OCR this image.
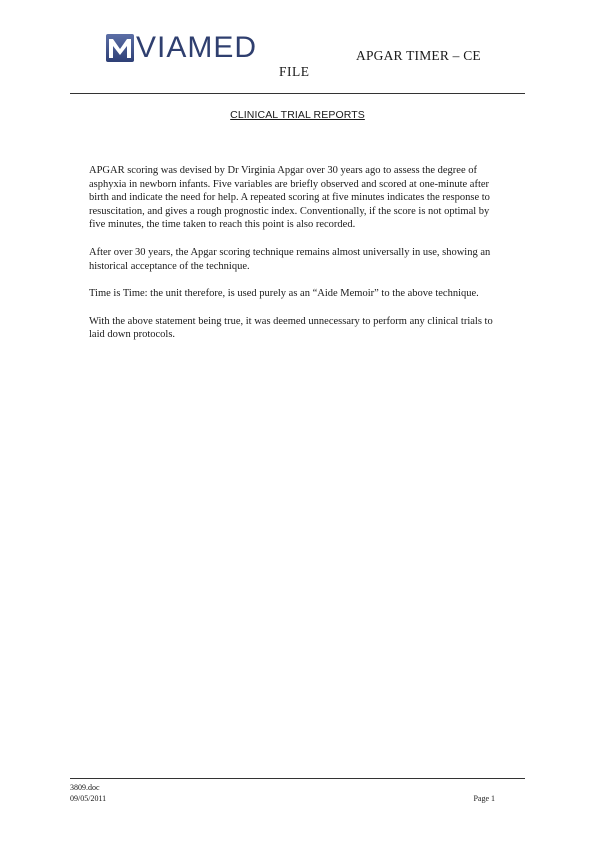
VIAMED	APGAR TIMER – CE
FILE
CLINICAL TRIAL REPORTS

APGAR scoring was devised by Dr Virginia Apgar over 30 years ago to assess the degree of asphyxia in newborn infants. Five variables are briefly observed and scored at one-minute after birth and indicate the need for help. A repeated scoring at five minutes indicates the response to resuscitation, and gives a rough prognostic index. Conventionally, if the score is not optimal by five minutes, the time taken to reach this point is also recorded.

After over 30 years, the Apgar scoring technique remains almost universally in use, showing an historical acceptance of the technique.

Time is Time: the unit therefore, is used purely as an “Aide Memoir” to the above technique.

With the above statement being true, it was deemed unnecessary to perform any clinical trials to laid down protocols.

3809.doc
09/05/2011	Page 1
